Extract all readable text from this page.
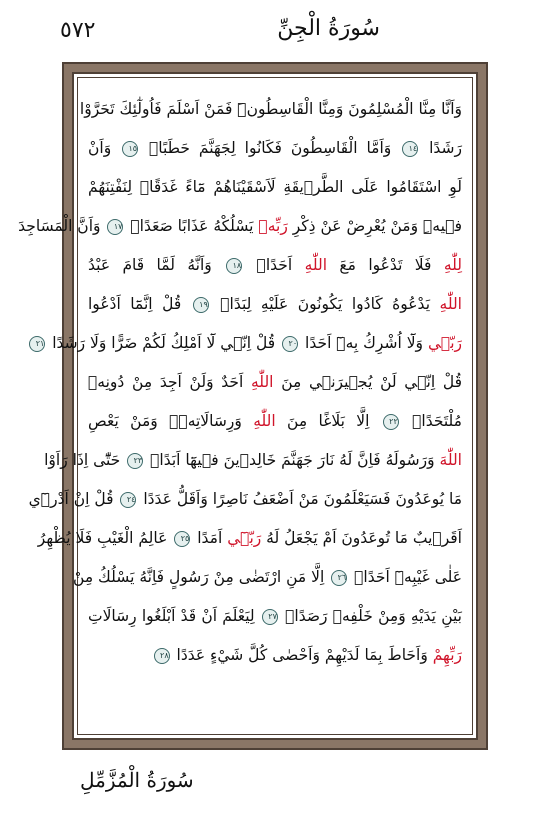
٥٧٢	سُورَةُ الْجِنِّ
وَاَنَّا مِنَّا الْمُسْلِمُونَ وَمِنَّا الْقَاسِطُونَۜ فَمَنْ اَسْلَمَ فَاُولٰٓئِكَ تَحَرَّوْا
رَشَدًا ١٤ وَاَمَّا الْقَاسِطُونَ فَكَانُوا لِجَهَنَّمَ حَطَبًاۙ ١٥ وَاَنْ
لَوِ اسْتَقَامُوا عَلَى الطَّرٖيقَةِ لَاَسْقَيْنَاهُمْ مَٓاءً غَدَقًاۙ لِنَفْتِنَهُمْ
فٖيهِۜ وَمَنْ يُعْرِضْ عَنْ ذِكْرِ رَبِّهٖ يَسْلُكْهُ عَذَابًا صَعَدًاۙ ١٧ وَاَنَّ الْمَسَاجِدَ
لِلّٰهِ فَلَا تَدْعُوا مَعَ اللّٰهِ اَحَدًاۙ ١٨ وَاَنَّهُ لَمَّا قَامَ عَبْدُ
اللّٰهِ يَدْعُوهُ كَادُوا يَكُونُونَ عَلَيْهِ لِبَدًاۜ ١٩ قُلْ اِنَّمَٓا اَدْعُوا
رَبّٖي وَلَٓا اُشْرِكُ بِهٖٓ اَحَدًا ٢٠ قُلْ اِنّٖي لَٓا اَمْلِكُ لَكُمْ ضَرًّا وَلَا رَشَدًا ٢١
قُلْ اِنّٖي لَنْ يُجٖيرَنٖي مِنَ اللّٰهِ اَحَدٌ وَلَنْ اَجِدَ مِنْ دُونِهٖ
مُلْتَحَدًاۙ ٢٢ اِلَّا بَلَاغًا مِنَ اللّٰهِ وَرِسَالَاتِهٖۜ وَمَنْ يَعْصِ
اللّٰهَ وَرَسُولَهُ فَاِنَّ لَهُ نَارَ جَهَنَّمَ خَالِدٖينَ فٖيهَٓا اَبَدًاۜ ٢٣ حَتّٰٓى اِذَا رَاَوْا
مَا يُوعَدُونَ فَسَيَعْلَمُونَ مَنْ اَضْعَفُ نَاصِرًا وَاَقَلُّ عَدَدًا ٢٤ قُلْ اِنْ اَدْرٖٓي
اَقَرٖيبٌ مَا تُوعَدُونَ اَمْ يَجْعَلُ لَهُ رَبّٖٓي اَمَدًا ٢٥ عَالِمُ الْغَيْبِ فَلَا يُظْهِرُ
عَلٰى غَيْبِهٖٓ اَحَدًاۙ ٢٦ اِلَّا مَنِ ارْتَضٰى مِنْ رَسُولٍ فَاِنَّهُ يَسْلُكُ مِنْ
بَيْنِ يَدَيْهِ وَمِنْ خَلْفِهٖ رَصَدًاۙ ٢٧ لِيَعْلَمَ اَنْ قَدْ اَبْلَغُوا رِسَالَاتِ
رَبِّهِمْ وَاَحَاطَ بِمَا لَدَيْهِمْ وَاَحْصٰى كُلَّ شَيْءٍ عَدَدًا ٢٨
سُورَةُ الْمُزَّمِّلِ
